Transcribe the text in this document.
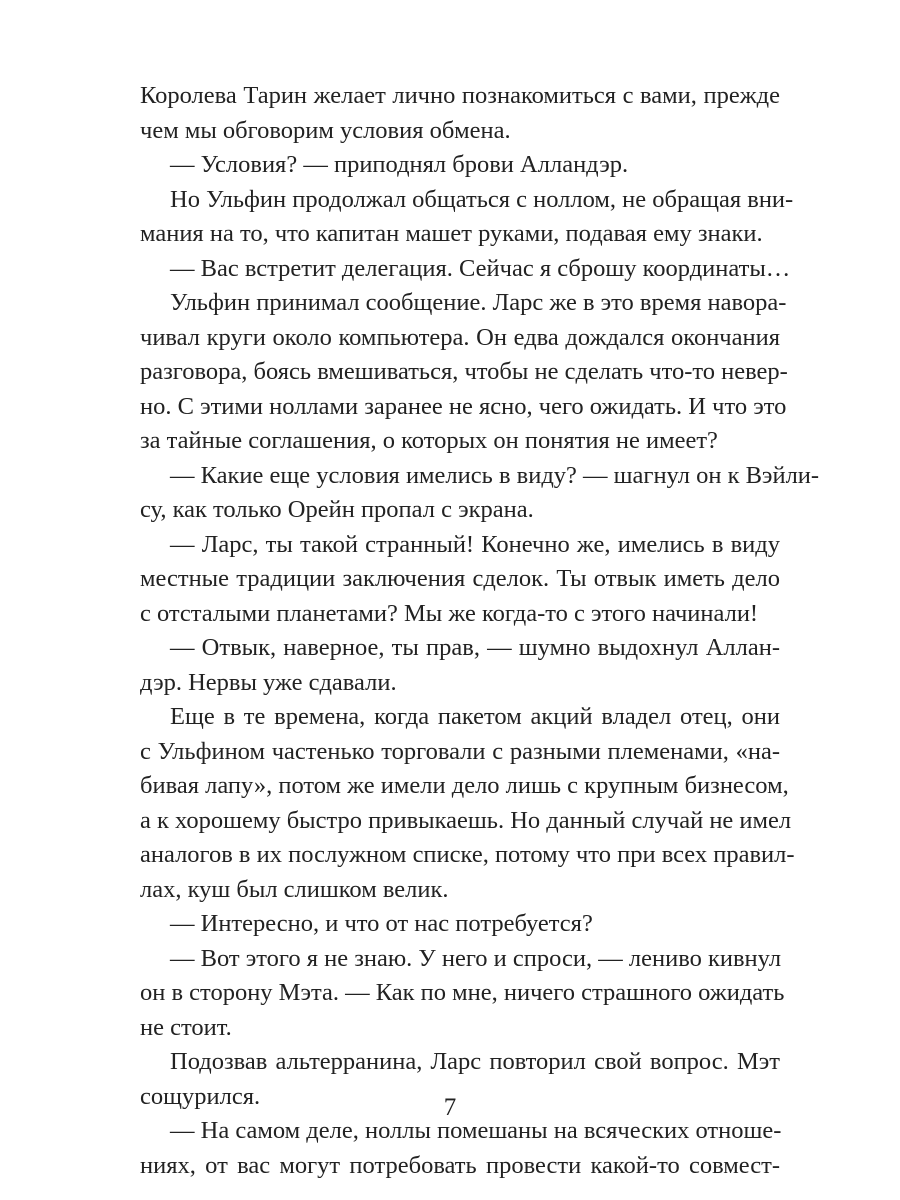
Королева Тарин желает лично познакомиться с вами, прежде
чем мы обговорим условия обмена.
— Условия? — приподнял брови Аллaндэр.
Но Ульфин продолжал общаться с ноллом, не обращая вни-
мания на то, что капитан машет руками, подавая ему знаки.
— Вас встретит делегация. Сейчас я сброшу координаты…
Ульфин принимал сообщение. Ларс же в это время навора-
чивал круги около компьютера. Он едва дождался окончания
разговора, боясь вмешиваться, чтобы не сделать что-то невер-
но. С этими ноллами заранее не ясно, чего ожидать. И что это
за тайные соглашения, о которых он понятия не имеет?
— Какие еще условия имелись в виду? — шагнул он к Вэйли-
су, как только Орейн пропал с экрана.
— Ларс, ты такой странный! Конечно же, имелись в виду
местные традиции заключения сделок. Ты отвык иметь дело
с отсталыми планетами? Мы же когда-то с этого начинали!
— Отвык, наверное, ты прав, — шумно выдохнул Аллан-
дэр. Нервы уже сдавали.
Еще в те времена, когда пакетом акций владел отец, они
с Ульфином частенько торговали с разными племенами, «на-
бивая лапу», потом же имели дело лишь с крупным бизнесом,
а к хорошему быстро привыкаешь. Но данный случай не имел
аналогов в их послужном списке, потому что при всех правил-
лах, куш был слишком велик.
— Интересно, и что от нас потребуется?
— Вот этого я не знаю. У него и спроси, — лениво кивнул
он в сторону Мэта. — Как по мне, ничего страшного ожидать
не стоит.
Подозвав альтерранина, Ларс повторил свой вопрос. Мэт
сощурился.
— На самом деле, ноллы помешаны на всяческих отноше-
ниях, от вас могут потребовать провести какой-то совмест-
7
